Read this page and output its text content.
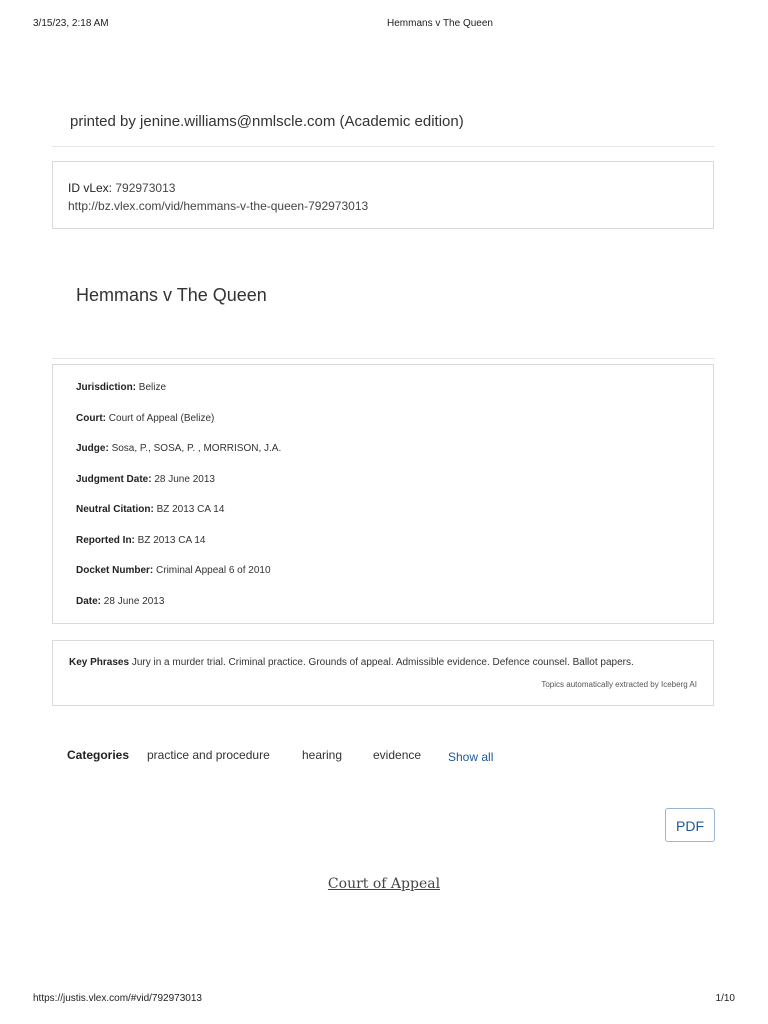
3/15/23, 2:18 AM	Hemmans v The Queen
printed by jenine.williams@nmlscle.com (Academic edition)
ID vLex: 792973013
http://bz.vlex.com/vid/hemmans-v-the-queen-792973013
Hemmans v The Queen
Jurisdiction: Belize
Court: Court of Appeal (Belize)
Judge: Sosa, P., SOSA, P. , MORRISON, J.A.
Judgment Date: 28 June 2013
Neutral Citation: BZ 2013 CA 14
Reported In: BZ 2013 CA 14
Docket Number: Criminal Appeal 6 of 2010
Date: 28 June 2013
Key Phrases Jury in a murder trial. Criminal practice. Grounds of appeal. Admissible evidence. Defence counsel. Ballot papers.
Topics automatically extracted by Iceberg AI
Categories practice and procedure	hearing	evidence Show all
PDF
Court of Appeal
https://justis.vlex.com/#vid/792973013	1/10
